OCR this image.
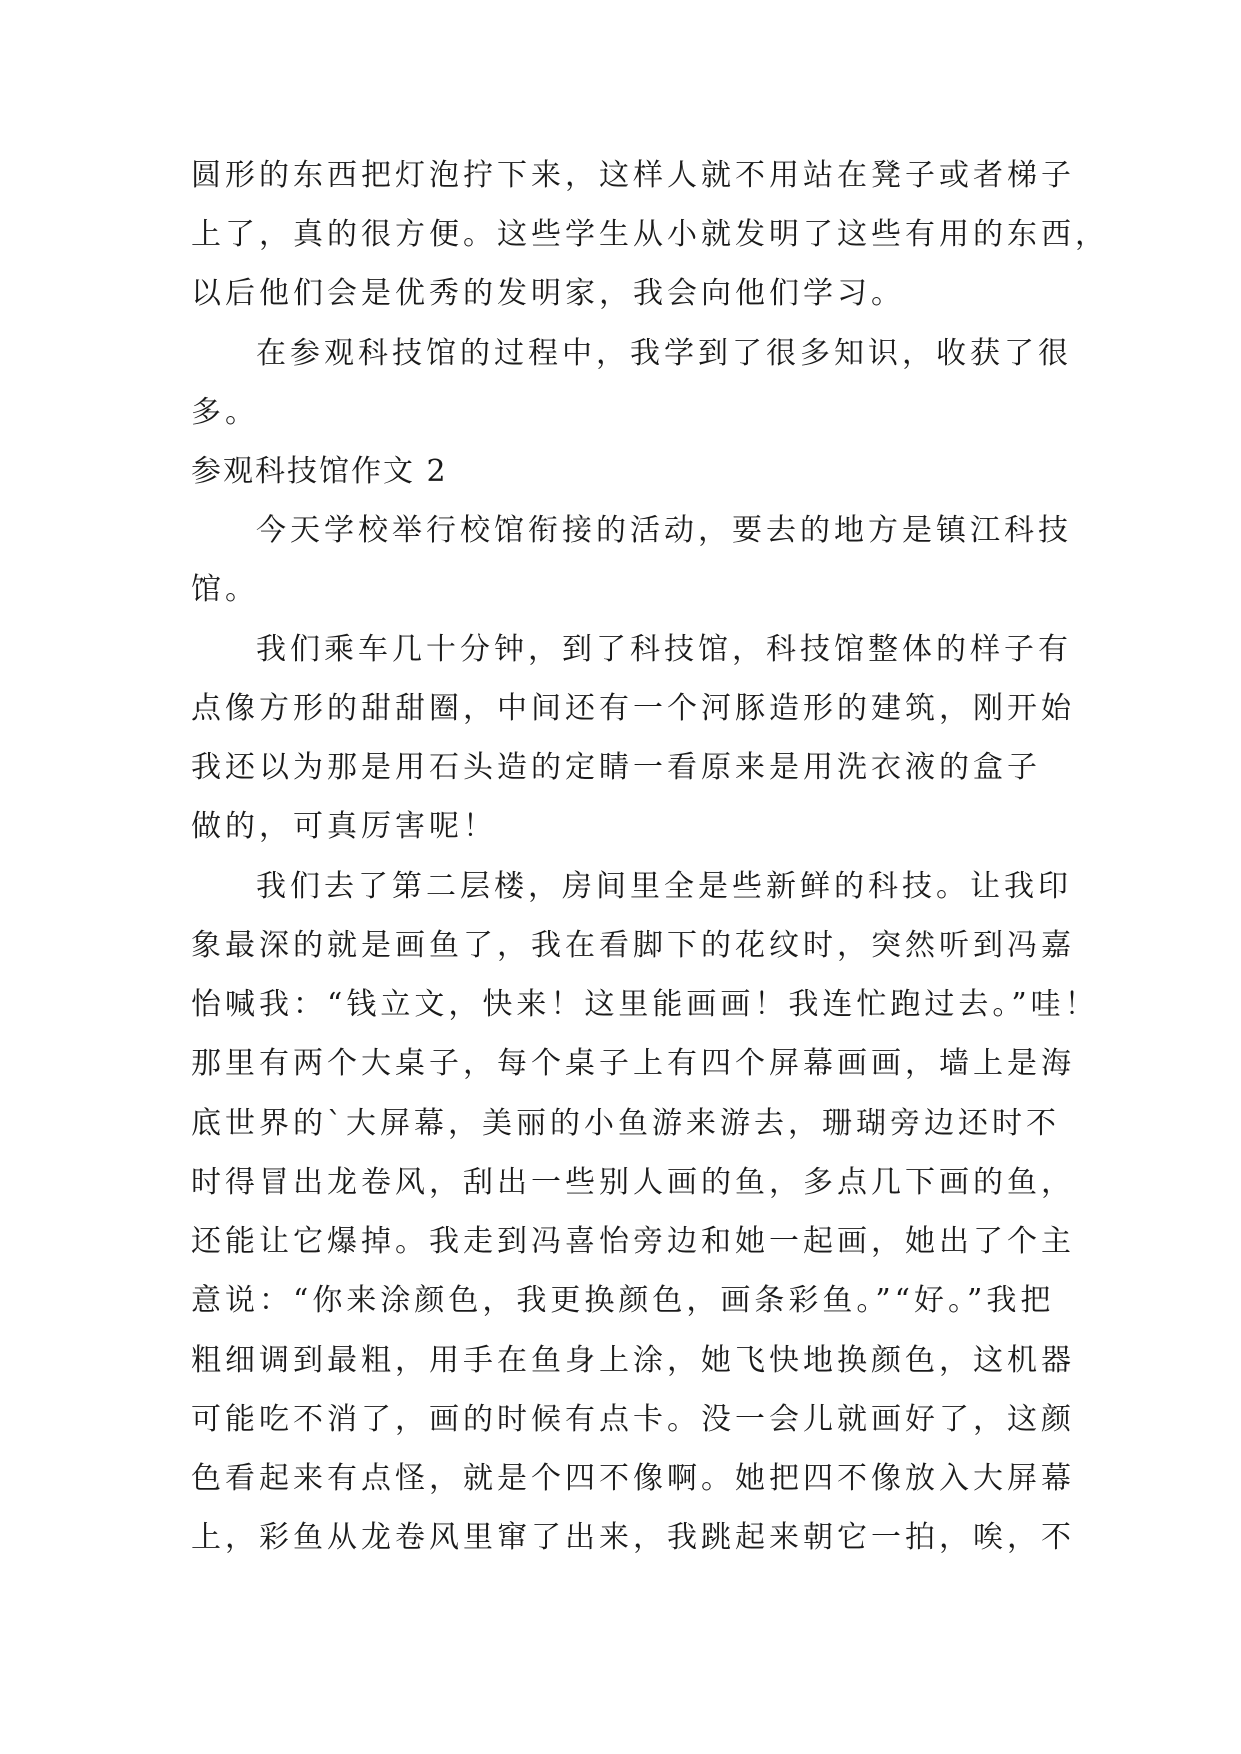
圆形的东西把灯泡拧下来，这样人就不用站在凳子或者梯子
上了，真的很方便。这些学生从小就发明了这些有用的东西，
以后他们会是优秀的发明家，我会向他们学习。
在参观科技馆的过程中，我学到了很多知识，收获了很
多。
参观科技馆作文 2
今天学校举行校馆衔接的活动，要去的地方是镇江科技
馆。
我们乘车几十分钟，到了科技馆，科技馆整体的样子有
点像方形的甜甜圈，中间还有一个河豚造形的建筑，刚开始
我还以为那是用石头造的定睛一看原来是用洗衣液的盒子
做的，可真厉害呢！
我们去了第二层楼，房间里全是些新鲜的科技。让我印
象最深的就是画鱼了，我在看脚下的花纹时，突然听到冯嘉
怡喊我：“钱立文，快来！这里能画画！我连忙跑过去。”哇！
那里有两个大桌子，每个桌子上有四个屏幕画画，墙上是海
底世界的`大屏幕，美丽的小鱼游来游去，珊瑚旁边还时不
时得冒出龙卷风，刮出一些别人画的鱼，多点几下画的鱼，
还能让它爆掉。我走到冯喜怡旁边和她一起画，她出了个主
意说：“你来涂颜色，我更换颜色，画条彩鱼。”“好。”我把
粗细调到最粗，用手在鱼身上涂，她飞快地换颜色，这机器
可能吃不消了，画的时候有点卡。没一会儿就画好了，这颜
色看起来有点怪，就是个四不像啊。她把四不像放入大屏幕
上，彩鱼从龙卷风里窜了出来，我跳起来朝它一拍，唉，不
